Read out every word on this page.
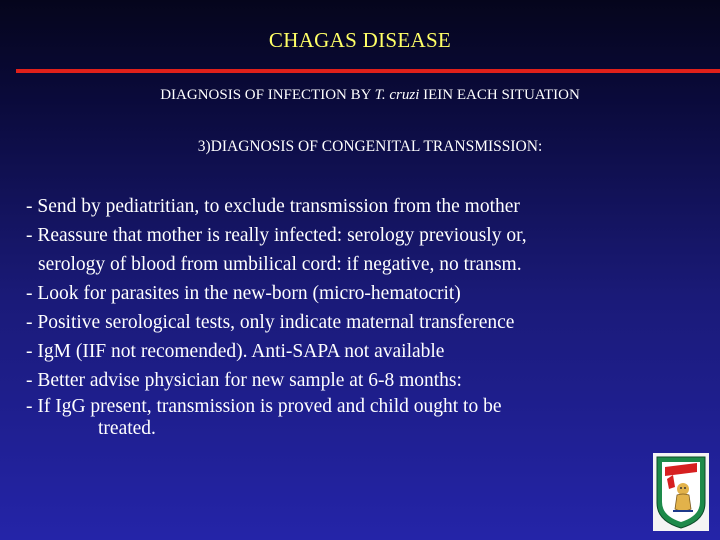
CHAGAS DISEASE
DIAGNOSIS OF INFECTION BY T. cruzi IEIN EACH SITUATION
3)DIAGNOSIS OF CONGENITAL TRANSMISSION:
- Send by pediatritian, to exclude transmission from the mother
- Reassure that mother is really infected: serology previously or,
serology of blood from umbilical cord: if negative, no transm.
- Look for parasites in the new-born (micro-hematocrit)
- Positive serological tests, only indicate maternal transference
- IgM (IIF not recomended). Anti-SAPA not available
- Better advise physician for new sample at 6-8 months:
- If IgG present, transmission is proved and child ought to be
treated.
